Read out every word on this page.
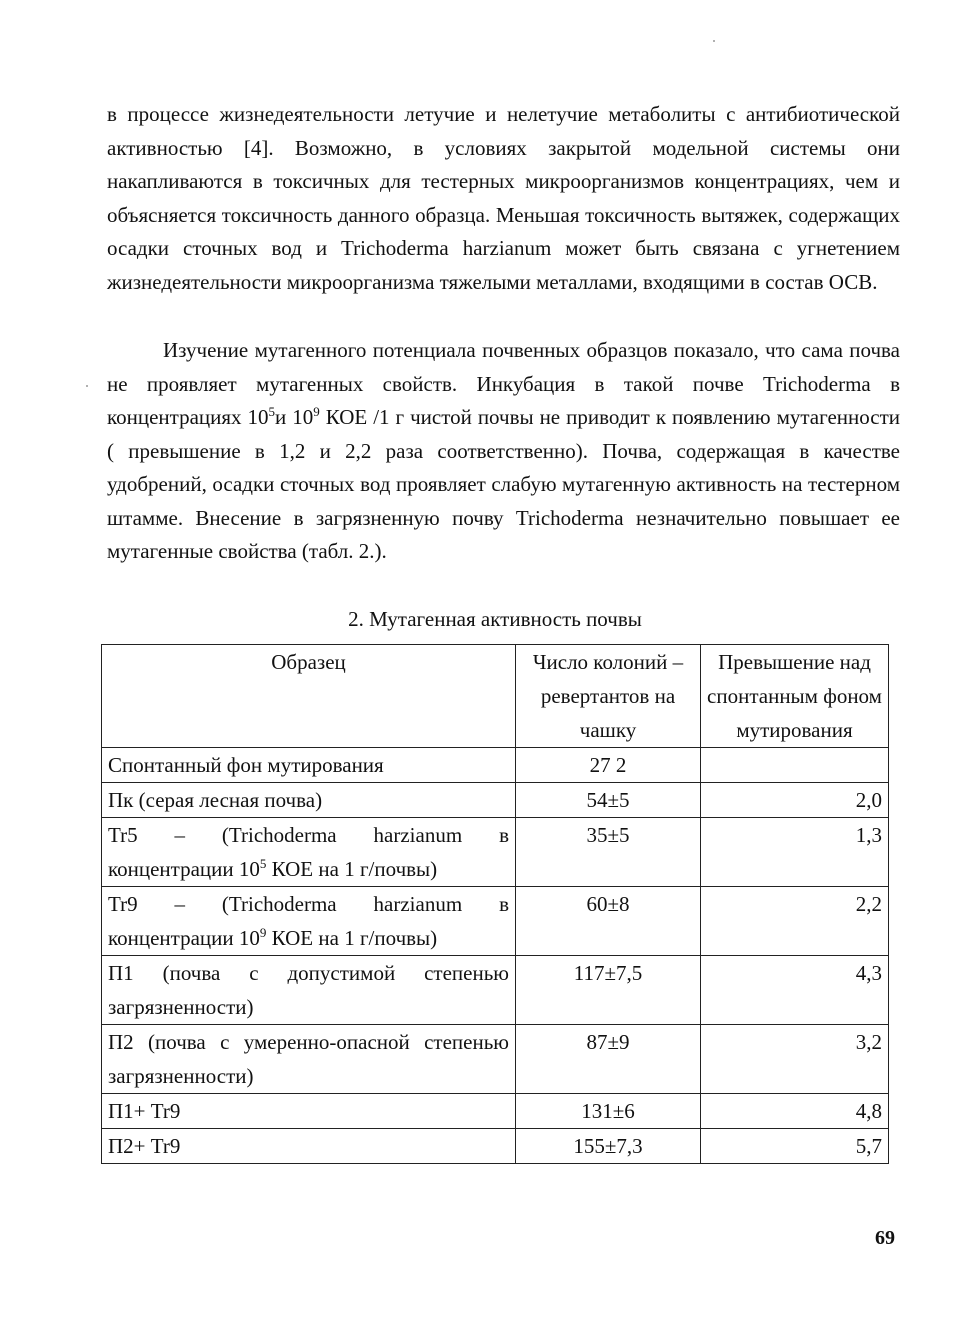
в процессе жизнедеятельности летучие и нелетучие метаболиты с антибиотической активностью [4]. Возможно, в условиях закрытой модельной системы они накапливаются в токсичных для тестерных микроорганизмов концентрациях, чем и объясняется токсичность данного образца. Меньшая токсичность вытяжек, содержащих осадки сточных вод и Trichoderma harzianum может быть связана с угнетением жизнедеятельности микроорганизма тяжелыми металлами, входящими в состав ОСВ.

Изучение мутагенного потенциала почвенных образцов показало, что сама почва не проявляет мутагенных свойств. Инкубация в такой почве Trichoderma в концентрациях $10^5и$ $10^9$ КОЕ /1 г чистой почвы не приводит к появлению мутагенности ( превышение в 1,2 и 2,2 раза соответственно). Почва, содержащая в качестве удобрений, осадки сточных вод проявляет слабую мутагенную активность на тестерном штамме. Внесение в загрязненную почву Trichoderma незначительно повышает ее мутагенные свойства (табл. 2.).

2. Мутагенная активность почвы
Образец	Число колоний – ревертантов на чашку	Превышение над спонтанным фоном мутирования
Спонтанный фон мутирования	27 2	
Пк (серая лесная почва)	54±5	2,0
Tr5 – (Trichoderma harzianum в концентрации $10^5$ КОЕ на 1 г/почвы)	35±5	1,3
Tr9 – (Trichoderma harzianum в концентрации $10^9$ КОЕ на 1 г/почвы)	60±8	2,2
П1 (почва с допустимой степенью загрязненности)	117±7,5	4,3
П2 (почва с умеренно-опасной степенью загрязненности)	87±9	3,2
П1+ Tr9	131±6	4,8
П2+ Tr9	155±7,3	5,7
69
